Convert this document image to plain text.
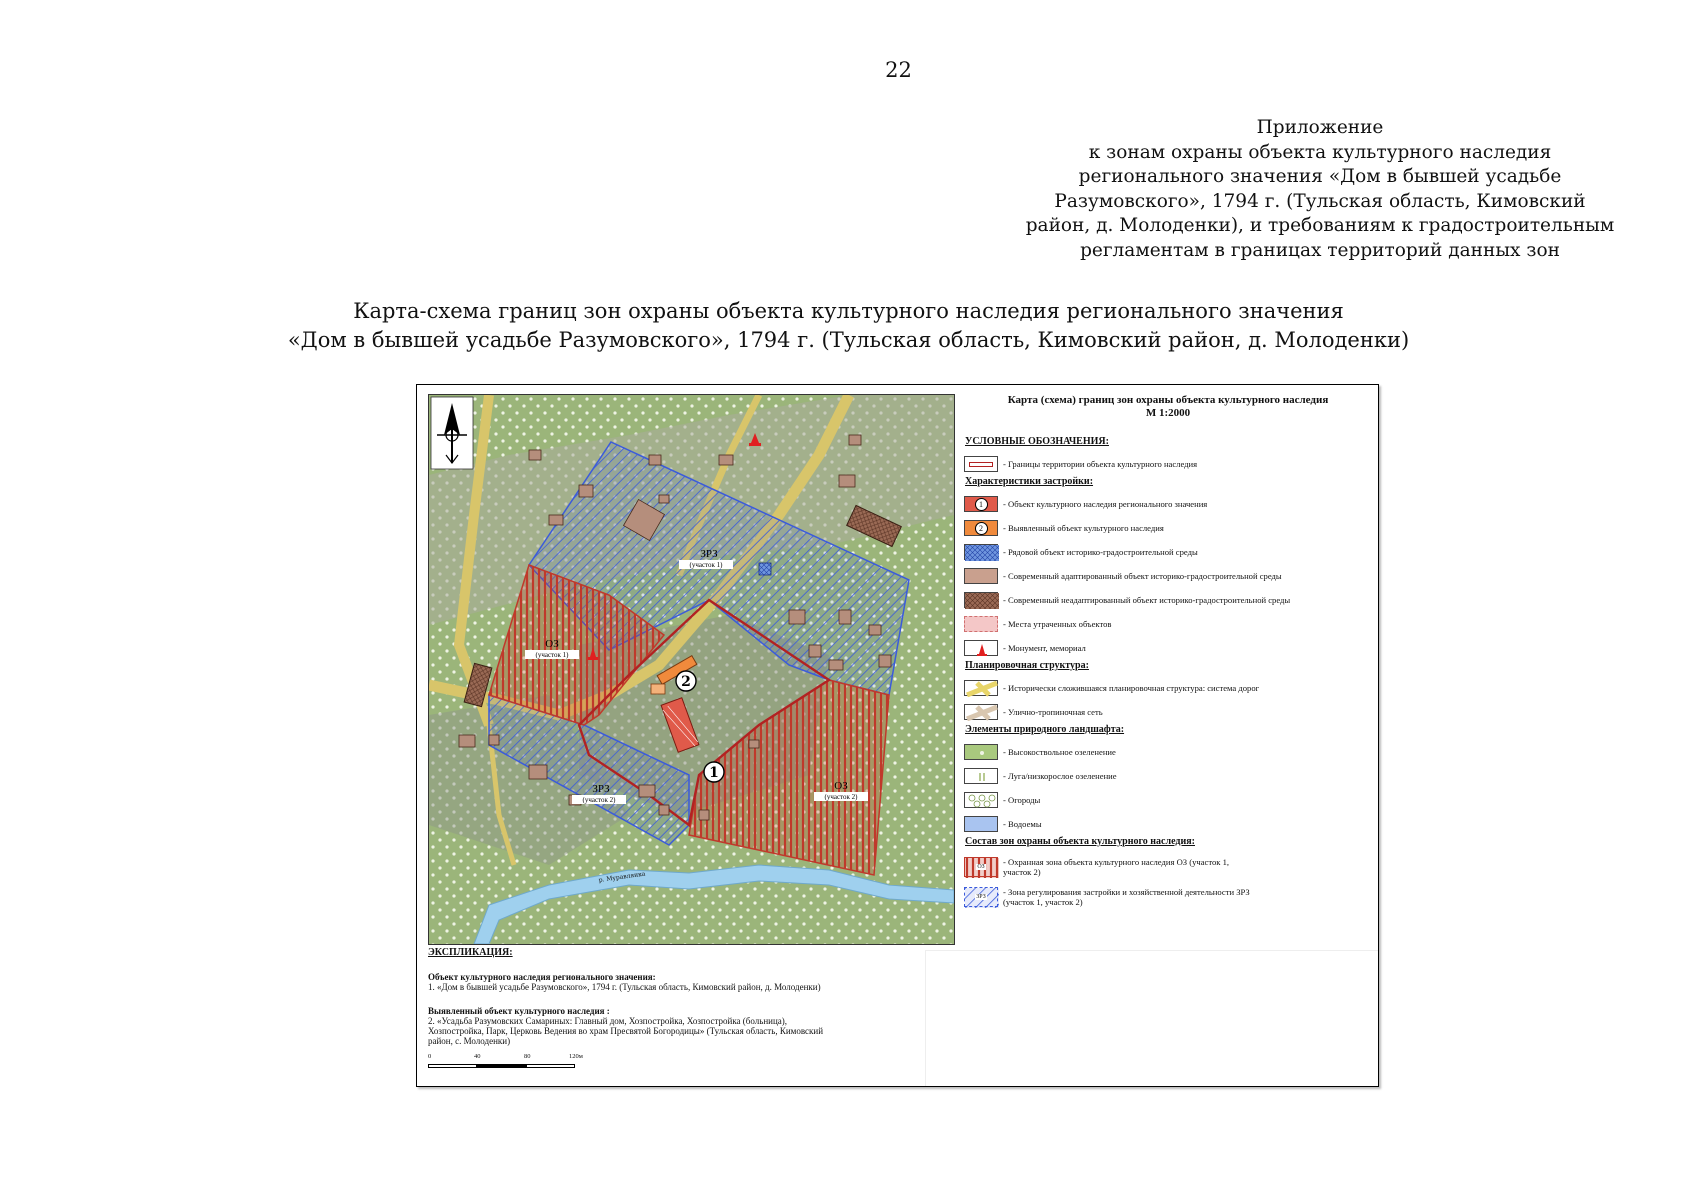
22
Приложение
к зонам охраны объекта культурного наследия
регионального значения «Дом в бывшей усадьбе
Разумовского», 1794 г. (Тульская область, Кимовский
район, д. Молоденки), и требованиям к градостроительным
регламентам в границах территорий данных зон
Карта-схема границ зон охраны объекта культурного наследия регионального значения
«Дом в бывшей усадьбе Разумовского», 1794 г. (Тульская область, Кимовский район, д. Молоденки)
р. Муравлянка
2
1
ЗРЗ
(участок 1)
ОЗ
(участок 1)
ЗРЗ
(участок 2)
ОЗ
(участок 2)
Карта (схема) границ зон охраны объекта культурного наследия
М 1:2000
УСЛОВНЫЕ ОБОЗНАЧЕНИЯ:
- Границы территории объекта культурного наследия
Характеристики застройки:
1	- Объект культурного наследия регионального значения
2	- Выявленный объект культурного наследия
- Рядовой объект историко-градостроительной среды
- Современный адаптированный объект историко-градостроительной среды
- Современный неадаптированный объект историко-градостроительной среды
- Места утраченных объектов
- Монумент, мемориал
Планировочная структура:
- Исторически сложившаяся планировочная структура: система дорог
- Улично-тропиночная сеть
Элементы природного ландшафта:
- Высокоствольное озеленение
- Луга/низкорослое озеленение
- Огороды
- Водоемы
Состав зон охраны объекта культурного наследия:
ОЗ - Охранная зона объекта культурного наследия ОЗ (участок 1,
участок 2)
ЗРЗ - Зона регулирования застройки и хозяйственной деятельности ЗРЗ
(участок 1, участок 2)
ЭКСПЛИКАЦИЯ:

Объект культурного наследия регионального значения:
1. «Дом в бывшей усадьбе Разумовского», 1794 г. (Тульская область, Кимовский район, д. Молоденки)

Выявленный объект культурного наследия :
2. «Усадьба Разумовских Самариных: Главный дом, Хозпостройка, Хозпостройка (больница),
Хозпостройка, Парк, Церковь Ведения во храм Пресвятой Богородицы» (Тульская область, Кимовский
район, с. Молоденки)

0	40	80	120м
